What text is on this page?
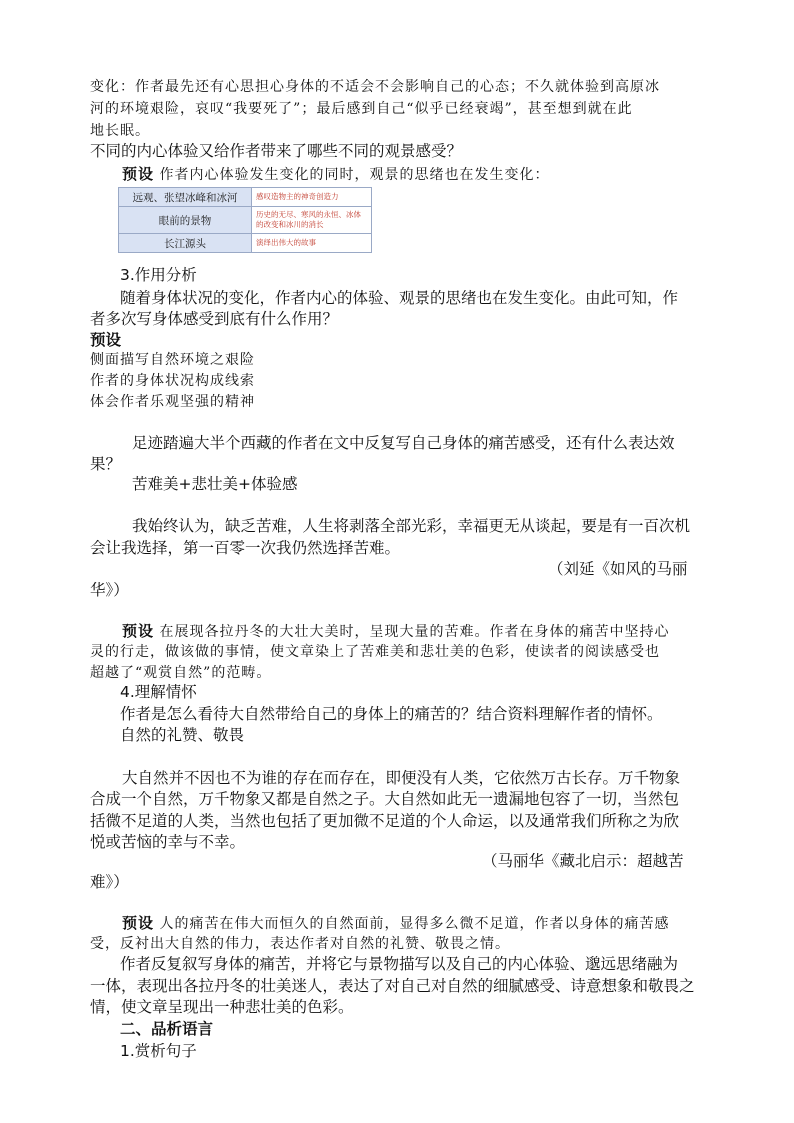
变化：作者最先还有心思担心身体的不适会不会影响自己的心态；不久就体验到高原冰
河的环境艰险，哀叹“我要死了”；最后感到自己“似乎已经衰竭”，甚至想到就在此
地长眠。
不同的内心体验又给作者带来了哪些不同的观景感受？
预设 作者内心体验发生变化的同时，观景的思绪也在发生变化：
远观、张望冰峰和冰河	感叹造物主的神奇创造力
眼前的景物	历史的无尽、寒风的永恒、冰体的改变和冰川的消长
长江源头	演绎出伟大的故事
3.作用分析
随着身体状况的变化，作者内心的体验、观景的思绪也在发生变化。由此可知，作
者多次写身体感受到底有什么作用？
预设
侧面描写自然环境之艰险
作者的身体状况构成线索
体会作者乐观坚强的精神
足迹踏遍大半个西藏的作者在文中反复写自己身体的痛苦感受，还有什么表达效
果？
苦难美+悲壮美+体验感
我始终认为，缺乏苦难，人生将剥落全部光彩，幸福更无从谈起，要是有一百次机
会让我选择，第一百零一次我仍然选择苦难。
（刘延《如风的马丽
华》）
预设 在展现各拉丹冬的大壮大美时，呈现大量的苦难。作者在身体的痛苦中坚持心
灵的行走，做该做的事情，使文章染上了苦难美和悲壮美的色彩，使读者的阅读感受也
超越了“观赏自然”的范畴。
4.理解情怀
作者是怎么看待大自然带给自己的身体上的痛苦的？结合资料理解作者的情怀。
自然的礼赞、敬畏
大自然并不因也不为谁的存在而存在，即便没有人类，它依然万古长存。万千物象
合成一个自然，万千物象又都是自然之子。大自然如此无一遗漏地包容了一切，当然包
括微不足道的人类，当然也包括了更加微不足道的个人命运，以及通常我们所称之为欣
悦或苦恼的幸与不幸。
（马丽华《藏北启示：超越苦
难》）
预设 人的痛苦在伟大而恒久的自然面前，显得多么微不足道，作者以身体的痛苦感
受，反衬出大自然的伟力，表达作者对自然的礼赞、敬畏之情。
作者反复叙写身体的痛苦，并将它与景物描写以及自己的内心体验、邈远思绪融为
一体，表现出各拉丹冬的壮美迷人，表达了对自己对自然的细腻感受、诗意想象和敬畏之
情，使文章呈现出一种悲壮美的色彩。
二、品析语言
1.赏析句子
